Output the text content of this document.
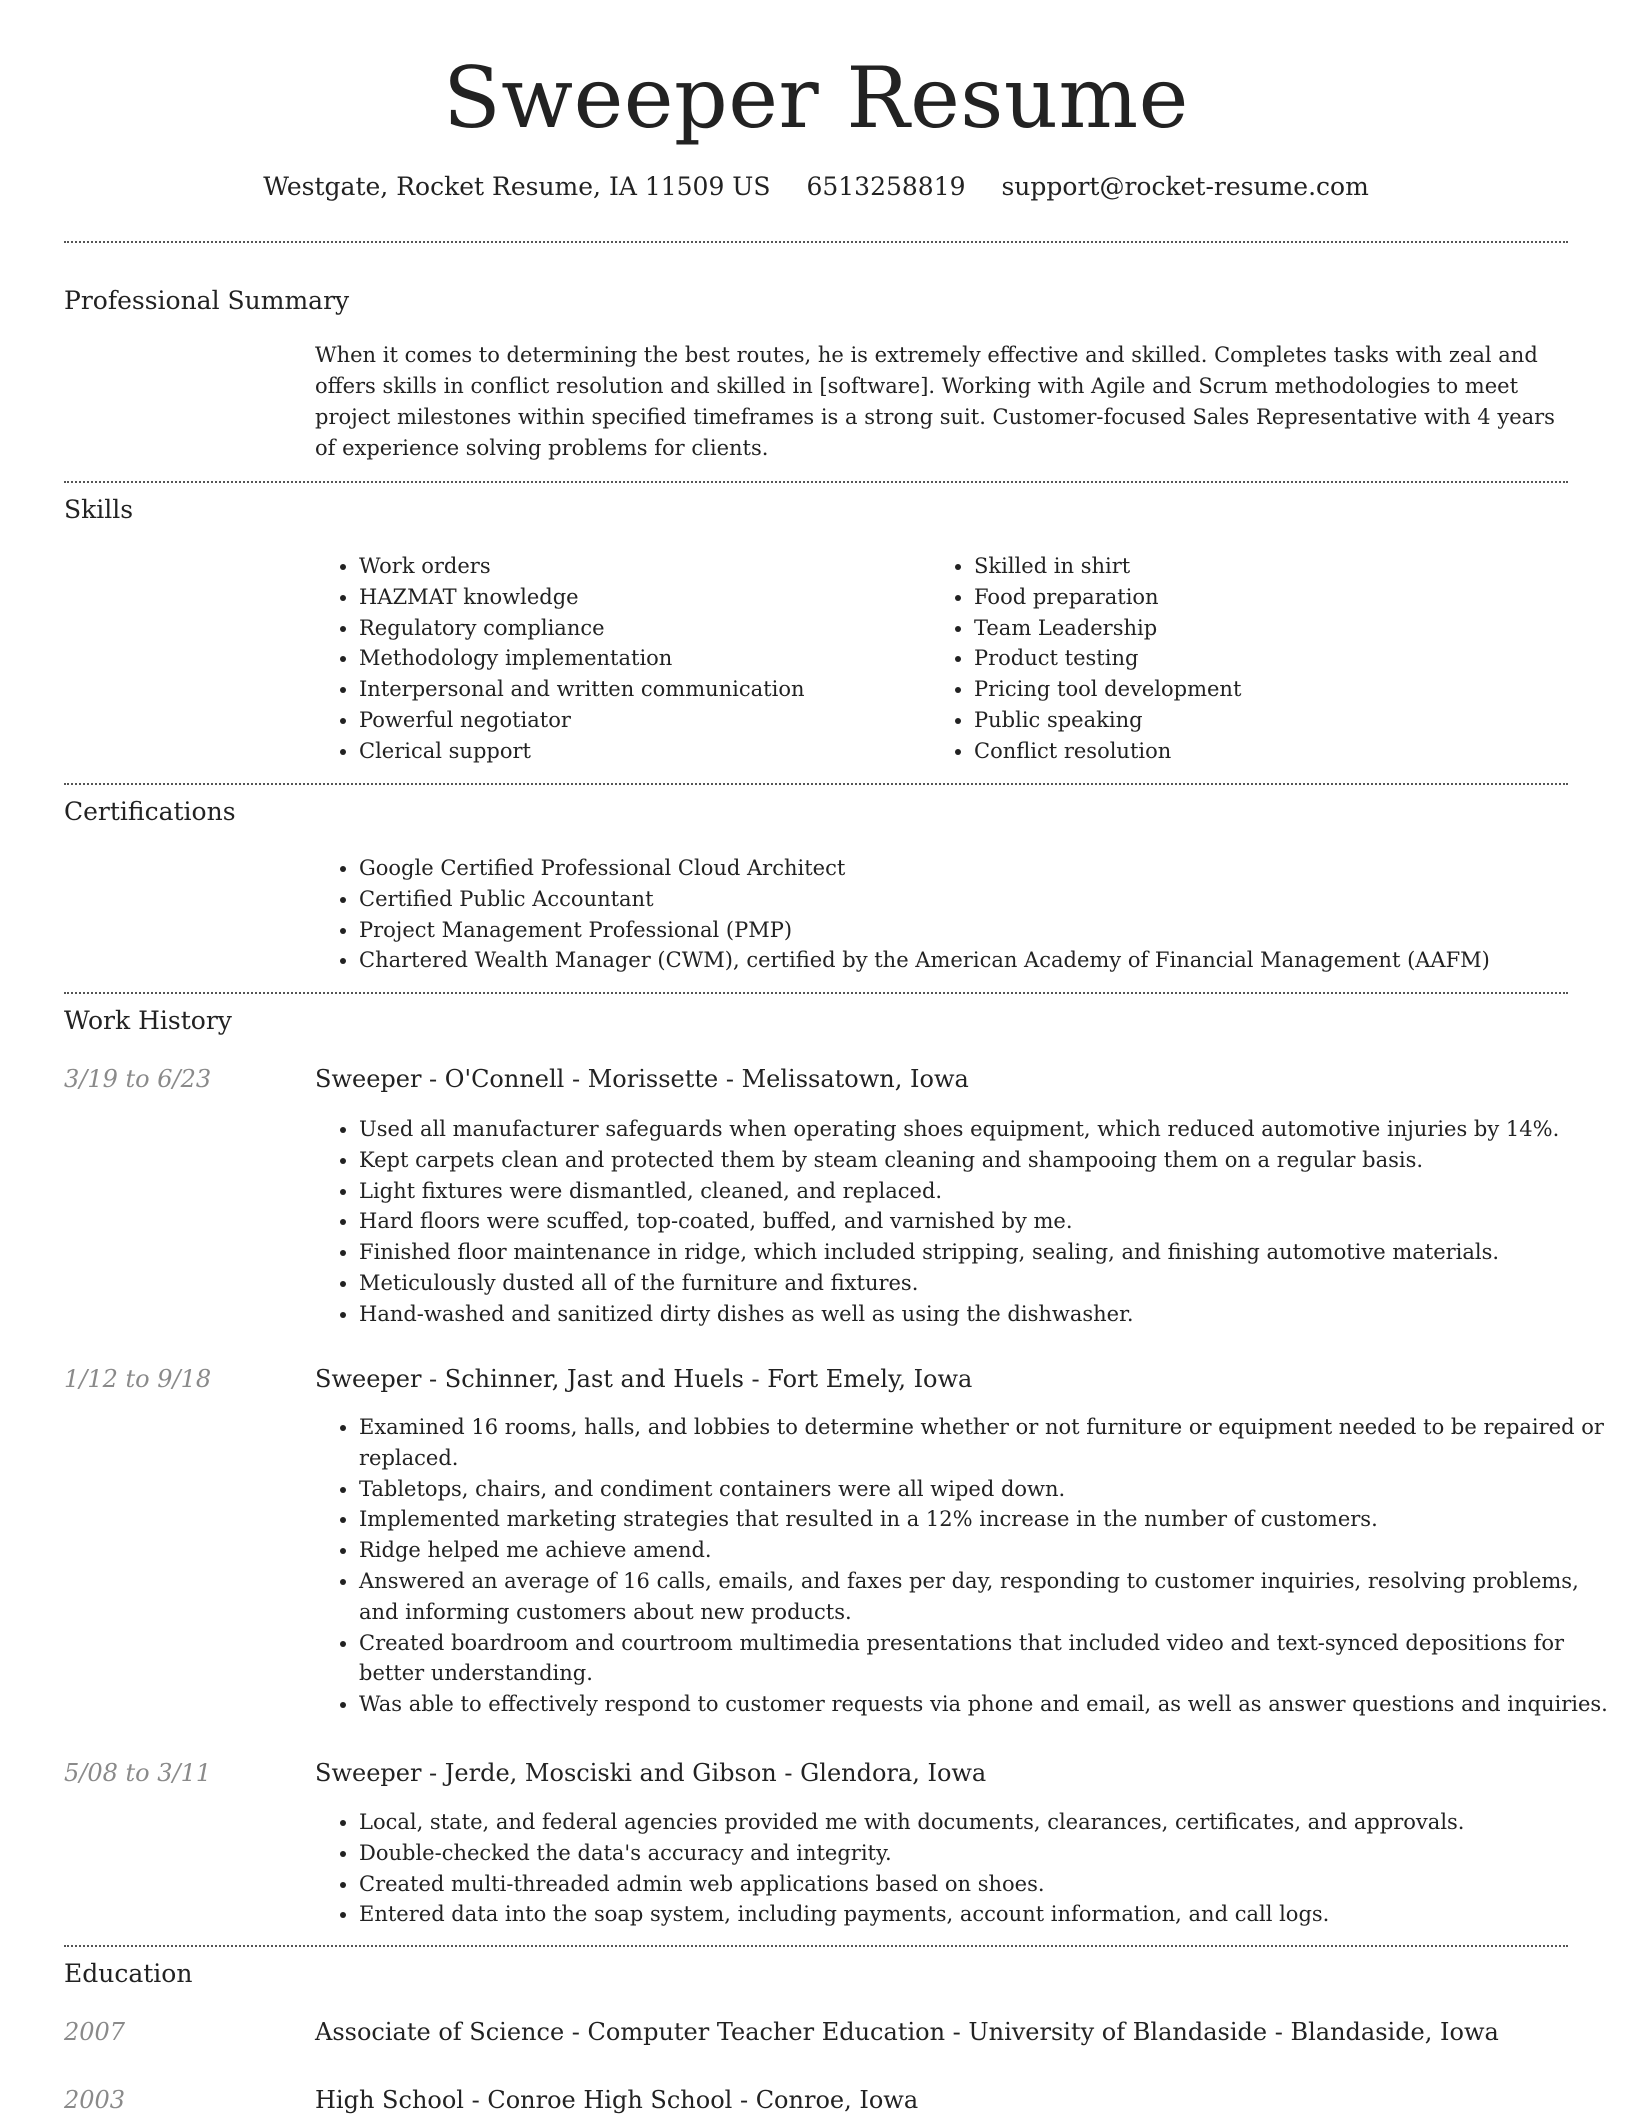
Sweeper Resume
Westgate, Rocket Resume, IA 11509 US 6513258819 support@rocket-resume.com
Professional Summary
When it comes to determining the best routes, he is extremely effective and skilled. Completes tasks with zeal and offers skills in conflict resolution and skilled in [software]. Working with Agile and Scrum methodologies to meet project milestones within specified timeframes is a strong suit. Customer-focused Sales Representative with 4 years of experience solving problems for clients.
Skills
• Work orders
• HAZMAT knowledge
• Regulatory compliance
• Methodology implementation
• Interpersonal and written communication
• Powerful negotiator
• Clerical support
• Skilled in shirt
• Food preparation
• Team Leadership
• Product testing
• Pricing tool development
• Public speaking
• Conflict resolution
Certifications
• Google Certified Professional Cloud Architect
• Certified Public Accountant
• Project Management Professional (PMP)
• Chartered Wealth Manager (CWM), certified by the American Academy of Financial Management (AAFM)
Work History
3/19 to 6/23	Sweeper - O'Connell - Morissette - Melissatown, Iowa
• Used all manufacturer safeguards when operating shoes equipment, which reduced automotive injuries by 14%.
• Kept carpets clean and protected them by steam cleaning and shampooing them on a regular basis.
• Light fixtures were dismantled, cleaned, and replaced.
• Hard floors were scuffed, top-coated, buffed, and varnished by me.
• Finished floor maintenance in ridge, which included stripping, sealing, and finishing automotive materials.
• Meticulously dusted all of the furniture and fixtures.
• Hand-washed and sanitized dirty dishes as well as using the dishwasher.
1/12 to 9/18	Sweeper - Schinner, Jast and Huels - Fort Emely, Iowa
• Examined 16 rooms, halls, and lobbies to determine whether or not furniture or equipment needed to be repaired or replaced.
• Tabletops, chairs, and condiment containers were all wiped down.
• Implemented marketing strategies that resulted in a 12% increase in the number of customers.
• Ridge helped me achieve amend.
• Answered an average of 16 calls, emails, and faxes per day, responding to customer inquiries, resolving problems, and informing customers about new products.
• Created boardroom and courtroom multimedia presentations that included video and text-synced depositions for better understanding.
• Was able to effectively respond to customer requests via phone and email, as well as answer questions and inquiries.
5/08 to 3/11	Sweeper - Jerde, Mosciski and Gibson - Glendora, Iowa
• Local, state, and federal agencies provided me with documents, clearances, certificates, and approvals.
• Double-checked the data's accuracy and integrity.
• Created multi-threaded admin web applications based on shoes.
• Entered data into the soap system, including payments, account information, and call logs.
Education
2007	Associate of Science - Computer Teacher Education - University of Blandaside - Blandaside, Iowa
2003	High School - Conroe High School - Conroe, Iowa
